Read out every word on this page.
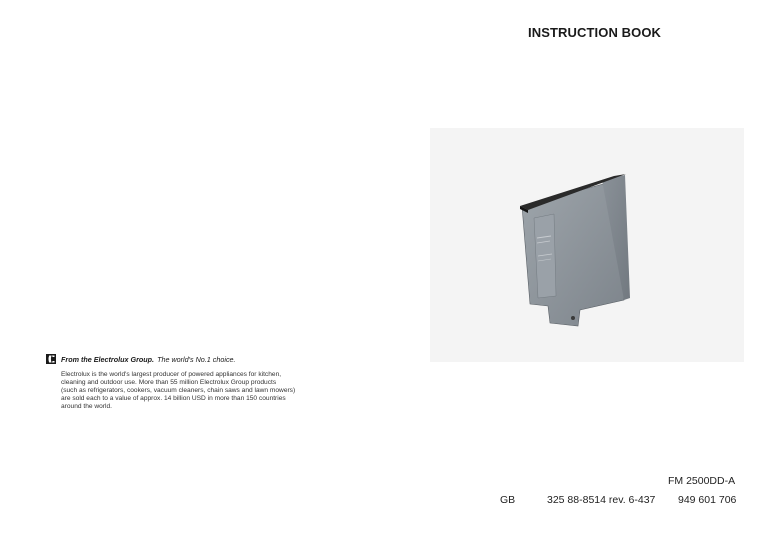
INSTRUCTION BOOK
From the Electrolux Group. The world's No.1 choice.
Electrolux is the world's largest producer of powered appliances for kitchen,
cleaning and outdoor use. More than 55 million Electrolux Group products
(such as refrigerators, cookers, vacuum cleaners, chain saws and lawn mowers)
are sold each to a value of approx. 14 billion USD in more than 150 countries
around the world.
FM 2500DD-A
GB	325 88-8514 rev. 6-437 949 601 706
